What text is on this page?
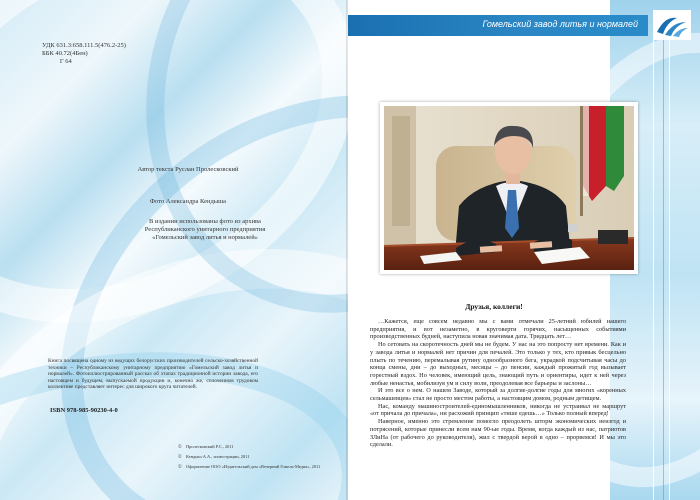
УДК 631.3:658.111.5(476.2-25)
ББК 40.72(4Бен)
Г 64
Автор текста Руслан Пролесковский
Фото Александра Кендыша
В издании использованы фото из архива
Республиканского унитарного предприятия
«Гомельский завод литья и нормалей»
Книга посвящена одному из ведущих белорусских производителей сельско-хозяйственной техники – Республиканскому унитарному предприятию «Гомельский завод литья и нормалей». Фотоиллюстрированный рассказ об этапах традиционной истории завода, его настоящем и будущем, выпускаемой продукции и, конечно же, сплоченном трудовом коллективе представляет интерес для широкого круга читателей.
ISBN 978-985-90230-4-0
© Пролесковский Р.С., 2011
© Кендыш А.А., иллюстрации, 2011
© Оформление ООО «Издательский дом «Вечерний Гомель-Медиа», 2011
Гомельский завод литья и нормалей
Друзья, коллеги!

…Кажется, еще совсем недавно мы с вами отмечали 25-летний юбилей нашего предприятия, и вот незаметно, в круговерти горячих, насыщенных событиями производственных будней, наступила новая значимая дата. Тридцать лет…

Но сетовать на скоротечность дней мы не будем. У нас на это попросту нет времени. Как и у завода литья и нормалей нет причин для печалей. Это только у тех, кто привык бесцельно плыть по течению, перемалывая рутину однообразного бега, украдкой подсчитывая часы до конца смены, дни – до выходных, месяцы – до пенсии, каждый прожитый год вызывает горестный вздох. Но человек, имеющий цель, знающий путь и ориентиры, идет к ней через любые ненастья, мобилизуя ум и силу воли, преодолевая все барьеры и заслоны…

И это все о нем. О нашем Заводе, который за долгие-долгие годы для многих «коренных сельмашевцев» стал не просто местом работы, а настоящим домом, родным детищем.

Нас, команду машиностроителей-единомышленников, никогда не устраивал не маршрут «от причала до причала», ни расхожий принцип «тише едешь…» Только полный вперед!

Наверное, именно это стремление помогло преодолеть шторм экономических неизгод и потрясений, которые принесли всем нам 90-ые годы. Время, когда каждый из нас, патриотов ЗЛиНа (от рабочего до руководителя), жил с твердой верой в одно – прорвемся! И мы это сделали.
